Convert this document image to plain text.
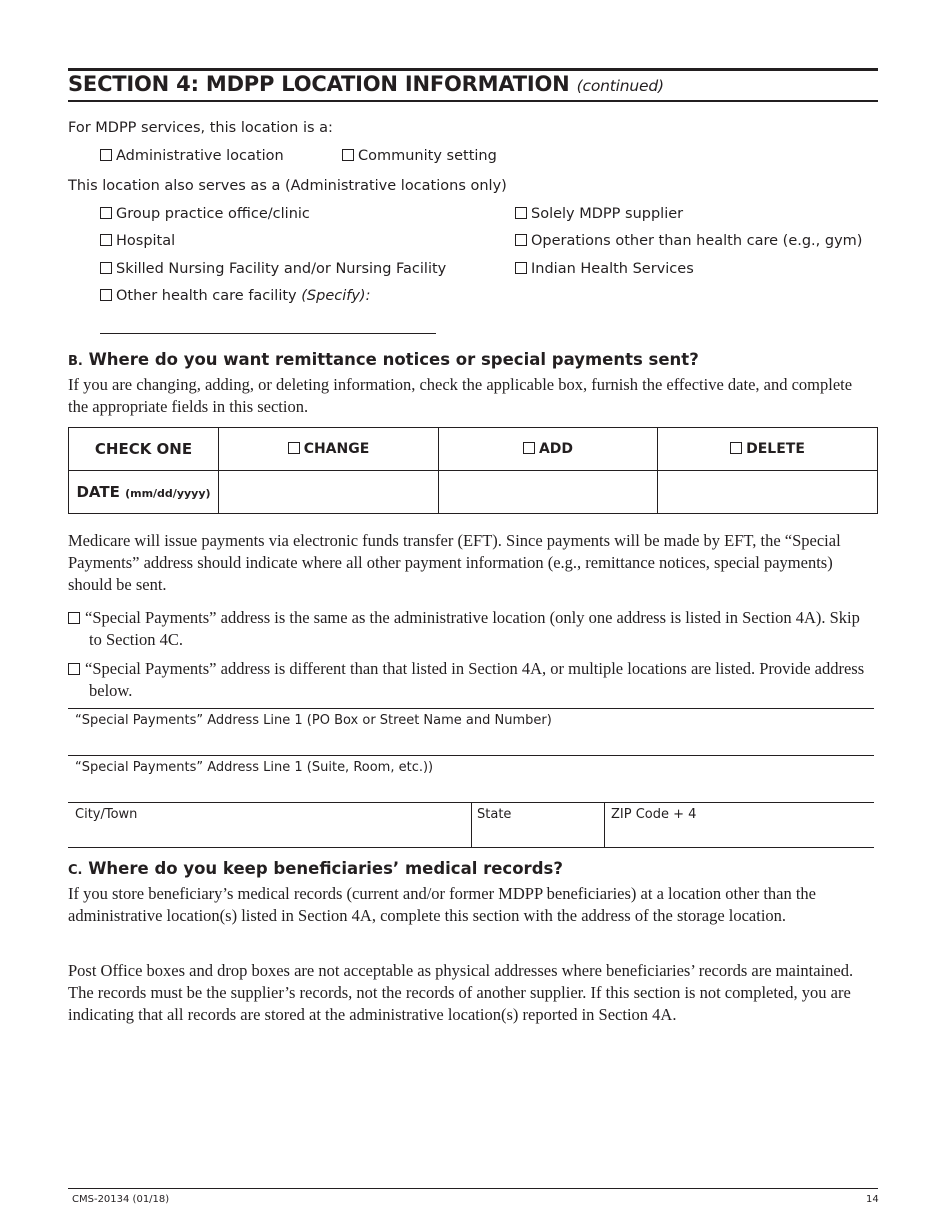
SECTION 4: MDPP LOCATION INFORMATION (continued)
For MDPP services, this location is a:
Administrative location	Community setting
This location also serves as a (Administrative locations only)
Group practice office/clinic
Hospital
Skilled Nursing Facility and/or Nursing Facility
Other health care facility (Specify):
Solely MDPP supplier
Operations other than health care (e.g., gym)
Indian Health Services
B. Where do you want remittance notices or special payments sent?
If you are changing, adding, or deleting information, check the applicable box, furnish the effective date, and complete the appropriate fields in this section.
CHECK ONE	CHANGE	ADD	DELETE
DATE (mm/dd/yyyy)			
Medicare will issue payments via electronic funds transfer (EFT). Since payments will be made by EFT, the “Special Payments” address should indicate where all other payment information (e.g., remittance notices, special payments) should be sent.
“Special Payments” address is the same as the administrative location (only one address is listed in Section 4A). Skip to Section 4C.
“Special Payments” address is different than that listed in Section 4A, or multiple locations are listed. Provide address below.
“Special Payments” Address Line 1 (PO Box or Street Name and Number)
“Special Payments” Address Line 1 (Suite, Room, etc.))
City/Town	State	ZIP Code + 4
C. Where do you keep beneficiaries’ medical records?
If you store beneficiary’s medical records (current and/or former MDPP beneficiaries) at a location other than the administrative location(s) listed in Section 4A, complete this section with the address of the storage location.
Post Office boxes and drop boxes are not acceptable as physical addresses where beneficiaries’ records are maintained. The records must be the supplier’s records, not the records of another supplier. If this section is not completed, you are indicating that all records are stored at the administrative location(s) reported in Section 4A.
CMS-20134 (01/18)	14
